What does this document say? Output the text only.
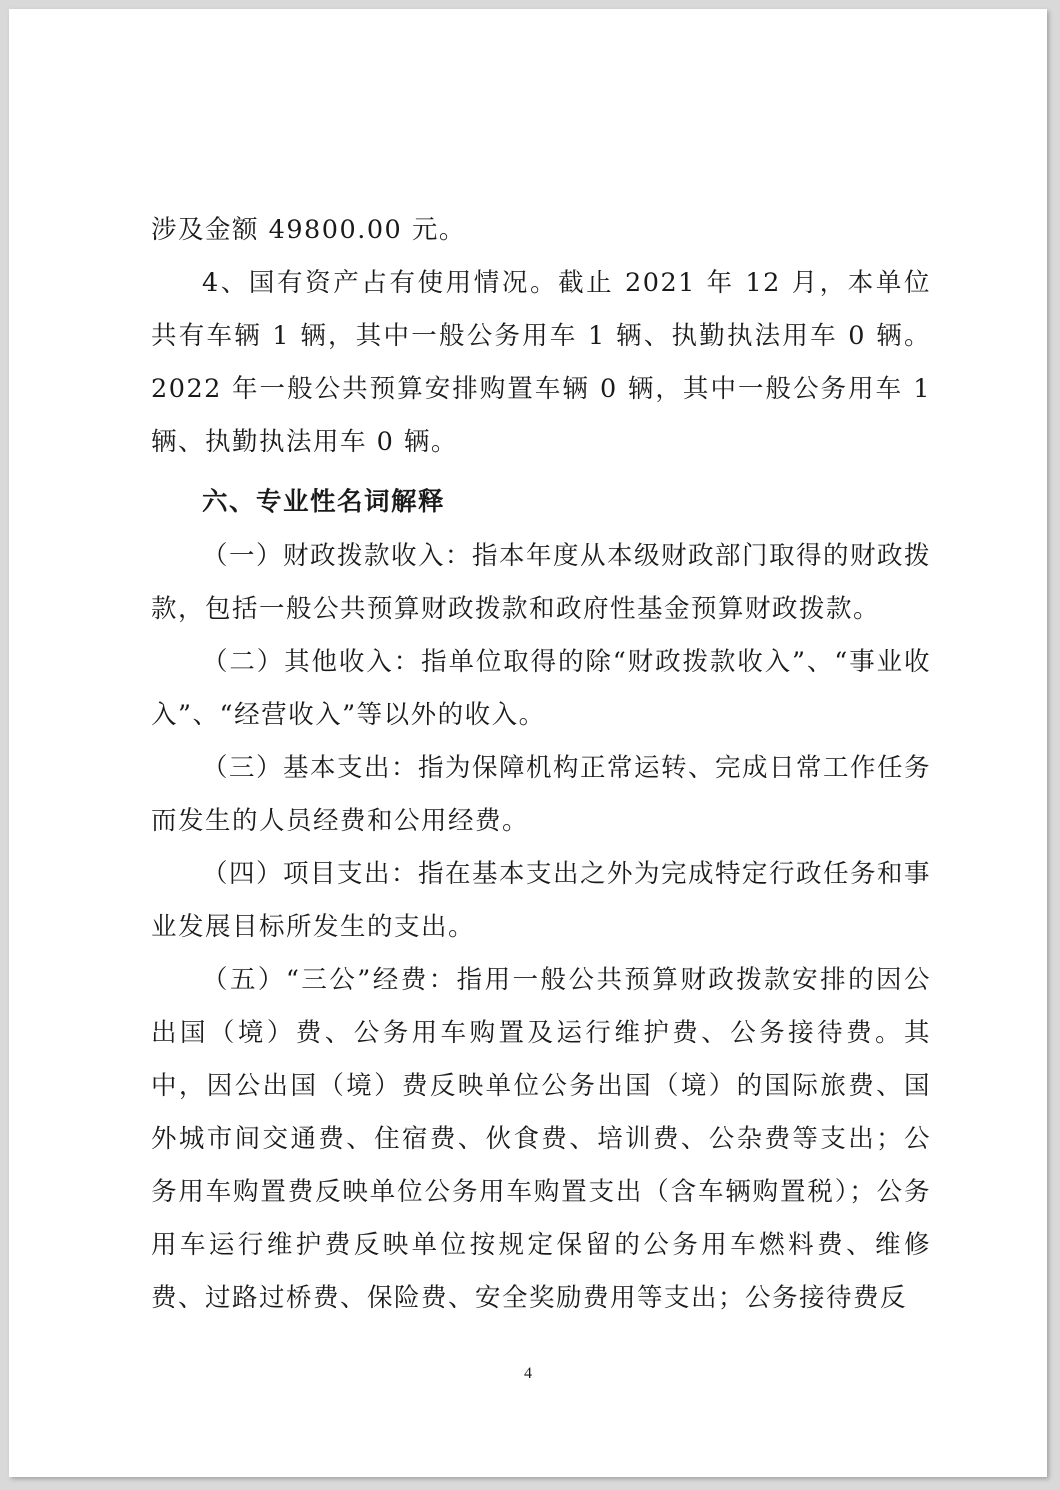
涉及金额 49800.00 元。

4、国有资产占有使用情况。截止 2021 年 12 月，本单位共有车辆 1 辆，其中一般公务用车 1 辆、执勤执法用车 0 辆。2022 年一般公共预算安排购置车辆 0 辆，其中一般公务用车 1 辆、执勤执法用车 0 辆。

六、专业性名词解释

（一）财政拨款收入：指本年度从本级财政部门取得的财政拨款，包括一般公共预算财政拨款和政府性基金预算财政拨款。

（二）其他收入：指单位取得的除“财政拨款收入”、“事业收入”、“经营收入”等以外的收入。

（三）基本支出：指为保障机构正常运转、完成日常工作任务而发生的人员经费和公用经费。

（四）项目支出：指在基本支出之外为完成特定行政任务和事业发展目标所发生的支出。

（五）“三公”经费：指用一般公共预算财政拨款安排的因公出国（境）费、公务用车购置及运行维护费、公务接待费。其中，因公出国（境）费反映单位公务出国（境）的国际旅费、国外城市间交通费、住宿费、伙食费、培训费、公杂费等支出；公务用车购置费反映单位公务用车购置支出（含车辆购置税）；公务用车运行维护费反映单位按规定保留的公务用车燃料费、维修费、过路过桥费、保险费、安全奖励费用等支出；公务接待费反

4
